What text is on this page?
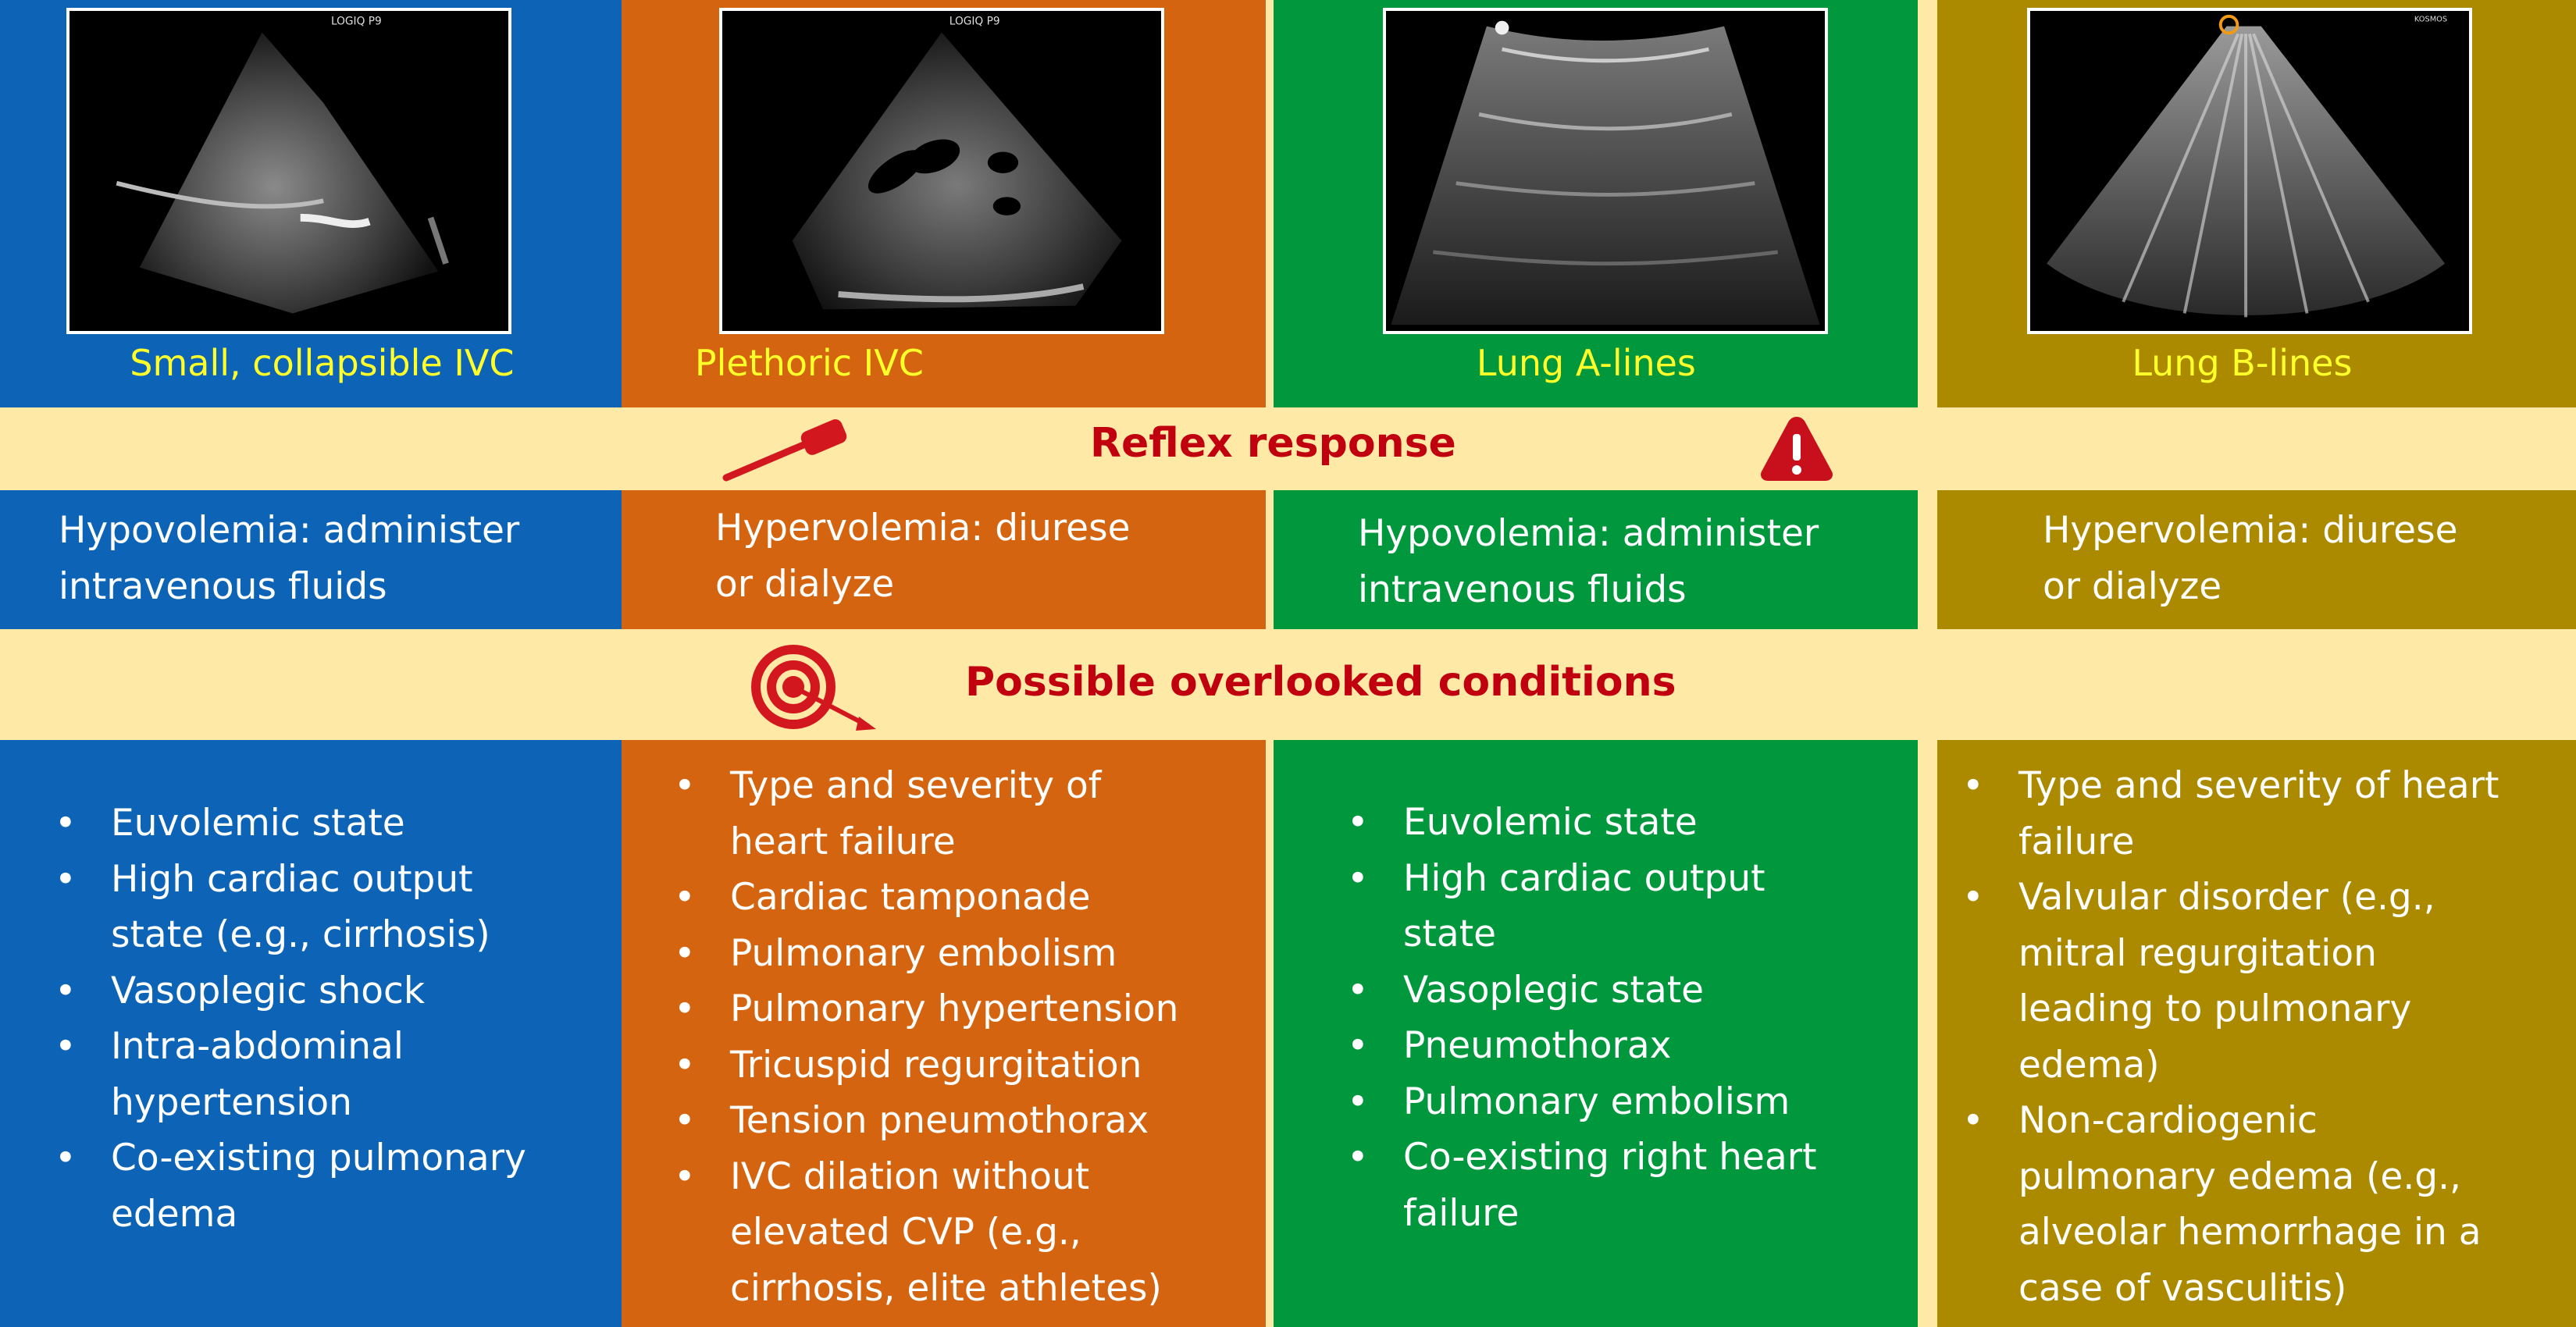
LOGIQ P9
Small, collapsible IVC
LOGIQ P9
Plethoric IVC	Lung A-lines
KOSMOS
Lung B-lines
Reflex response
Hypovolemia: administer
intravenous fluids
Hypervolemia: diurese
or dialyze
Hypovolemia: administer
intravenous fluids
Hypervolemia: diurese
or dialyze
Possible overlooked conditions
• Euvolemic state
• High cardiac output
state (e.g., cirrhosis)
• Vasoplegic shock
• Intra-abdominal
hypertension
• Co-existing pulmonary
edema
• Type and severity of
heart failure
• Cardiac tamponade
• Pulmonary embolism
• Pulmonary hypertension
• Tricuspid regurgitation
• Tension pneumothorax
• IVC dilation without
elevated CVP (e.g.,
cirrhosis, elite athletes)
• Euvolemic state
• High cardiac output
state
• Vasoplegic state
• Pneumothorax
• Pulmonary embolism
• Co-existing right heart
failure
• Type and severity of heart
failure
• Valvular disorder (e.g.,
mitral regurgitation
leading to pulmonary
edema)
• Non-cardiogenic
pulmonary edema (e.g.,
alveolar hemorrhage in a
case of vasculitis)
